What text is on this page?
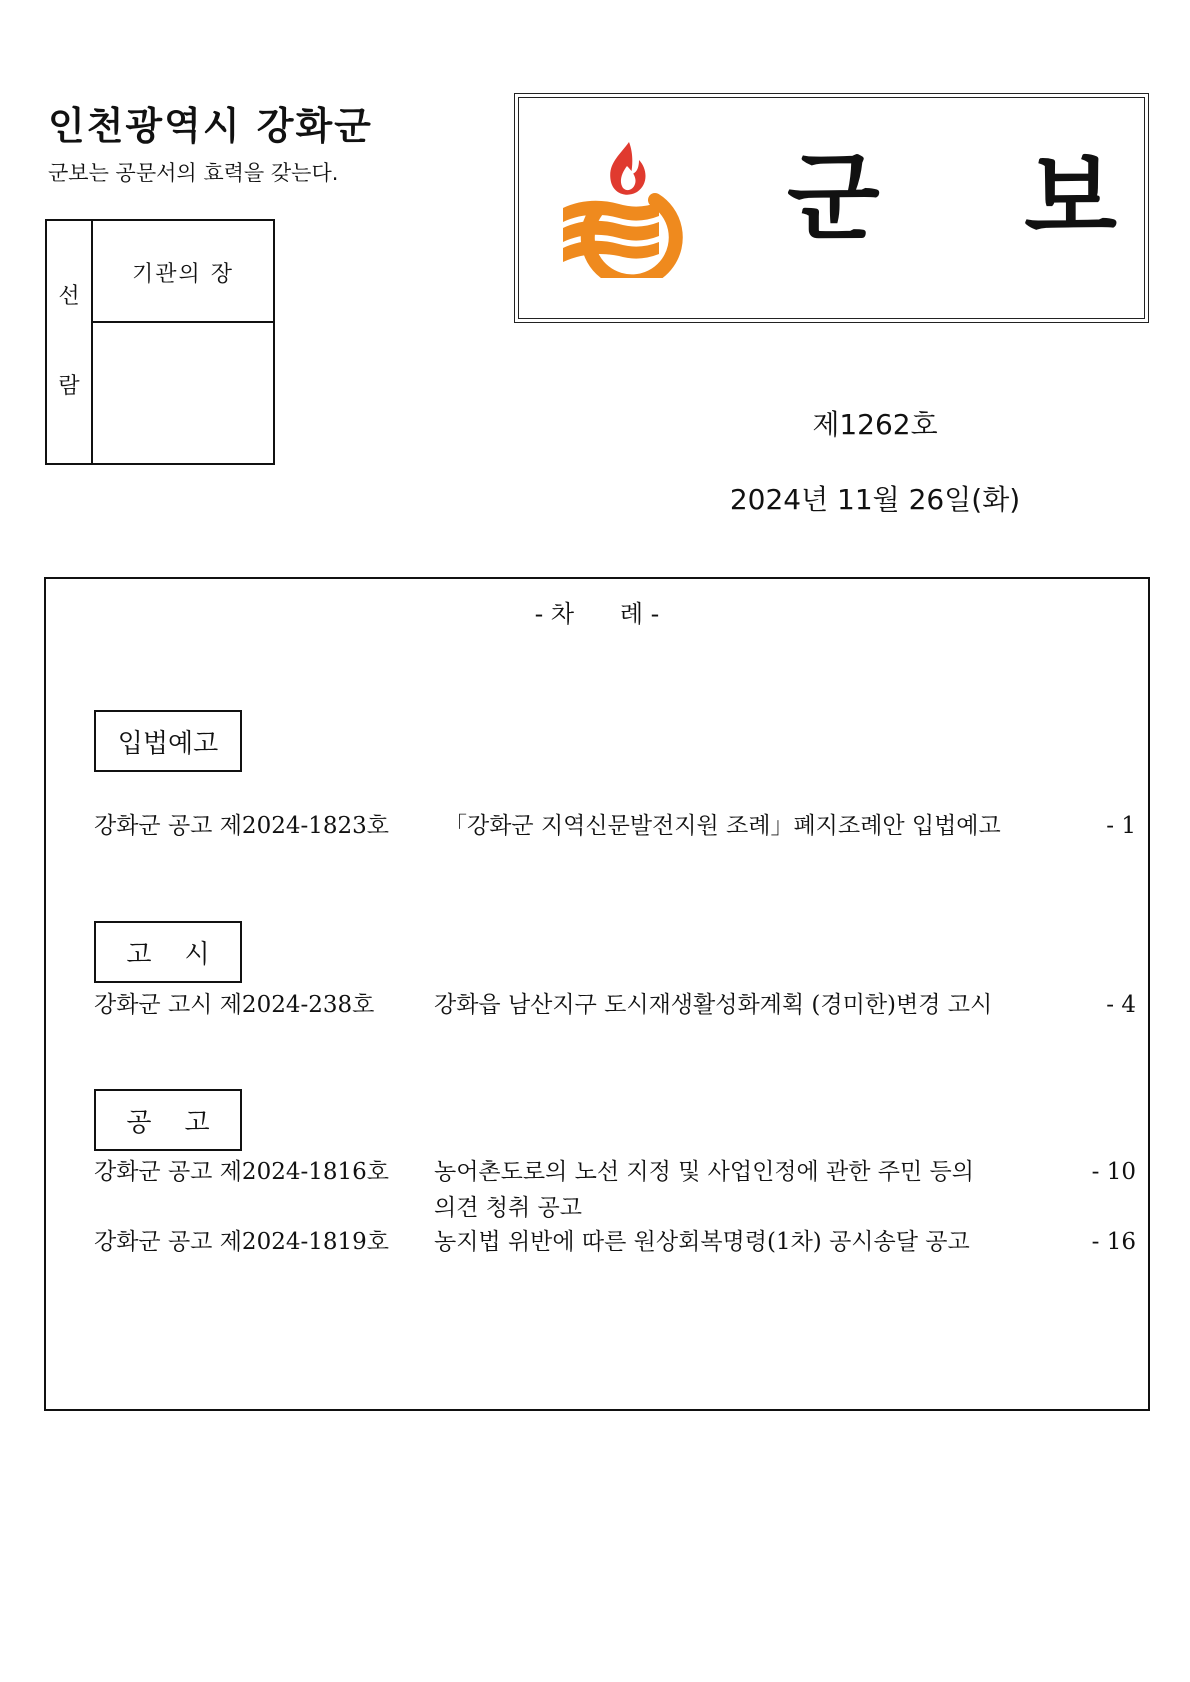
인천광역시 강화군
군보는 공문서의 효력을 갖는다.
선
람
기관의 장
군 보
제1262호
2024년 11월 26일(화)
- 차      례 -
입법예고
강화군 공고 제2024-1823호 「강화군 지역신문발전지원 조례」폐지조례안 입법예고	- 1
고    시
강화군 고시 제2024-238호	강화읍 남산지구 도시재생활성화계획 (경미한)변경 고시	- 4
공    고
강화군 공고 제2024-1816호 농어촌도로의 노선 지정 및 사업인정에 관한 주민 등의	- 10
의견 청취 공고
강화군 공고 제2024-1819호 농지법 위반에 따른 원상회복명령(1차) 공시송달 공고	- 16
